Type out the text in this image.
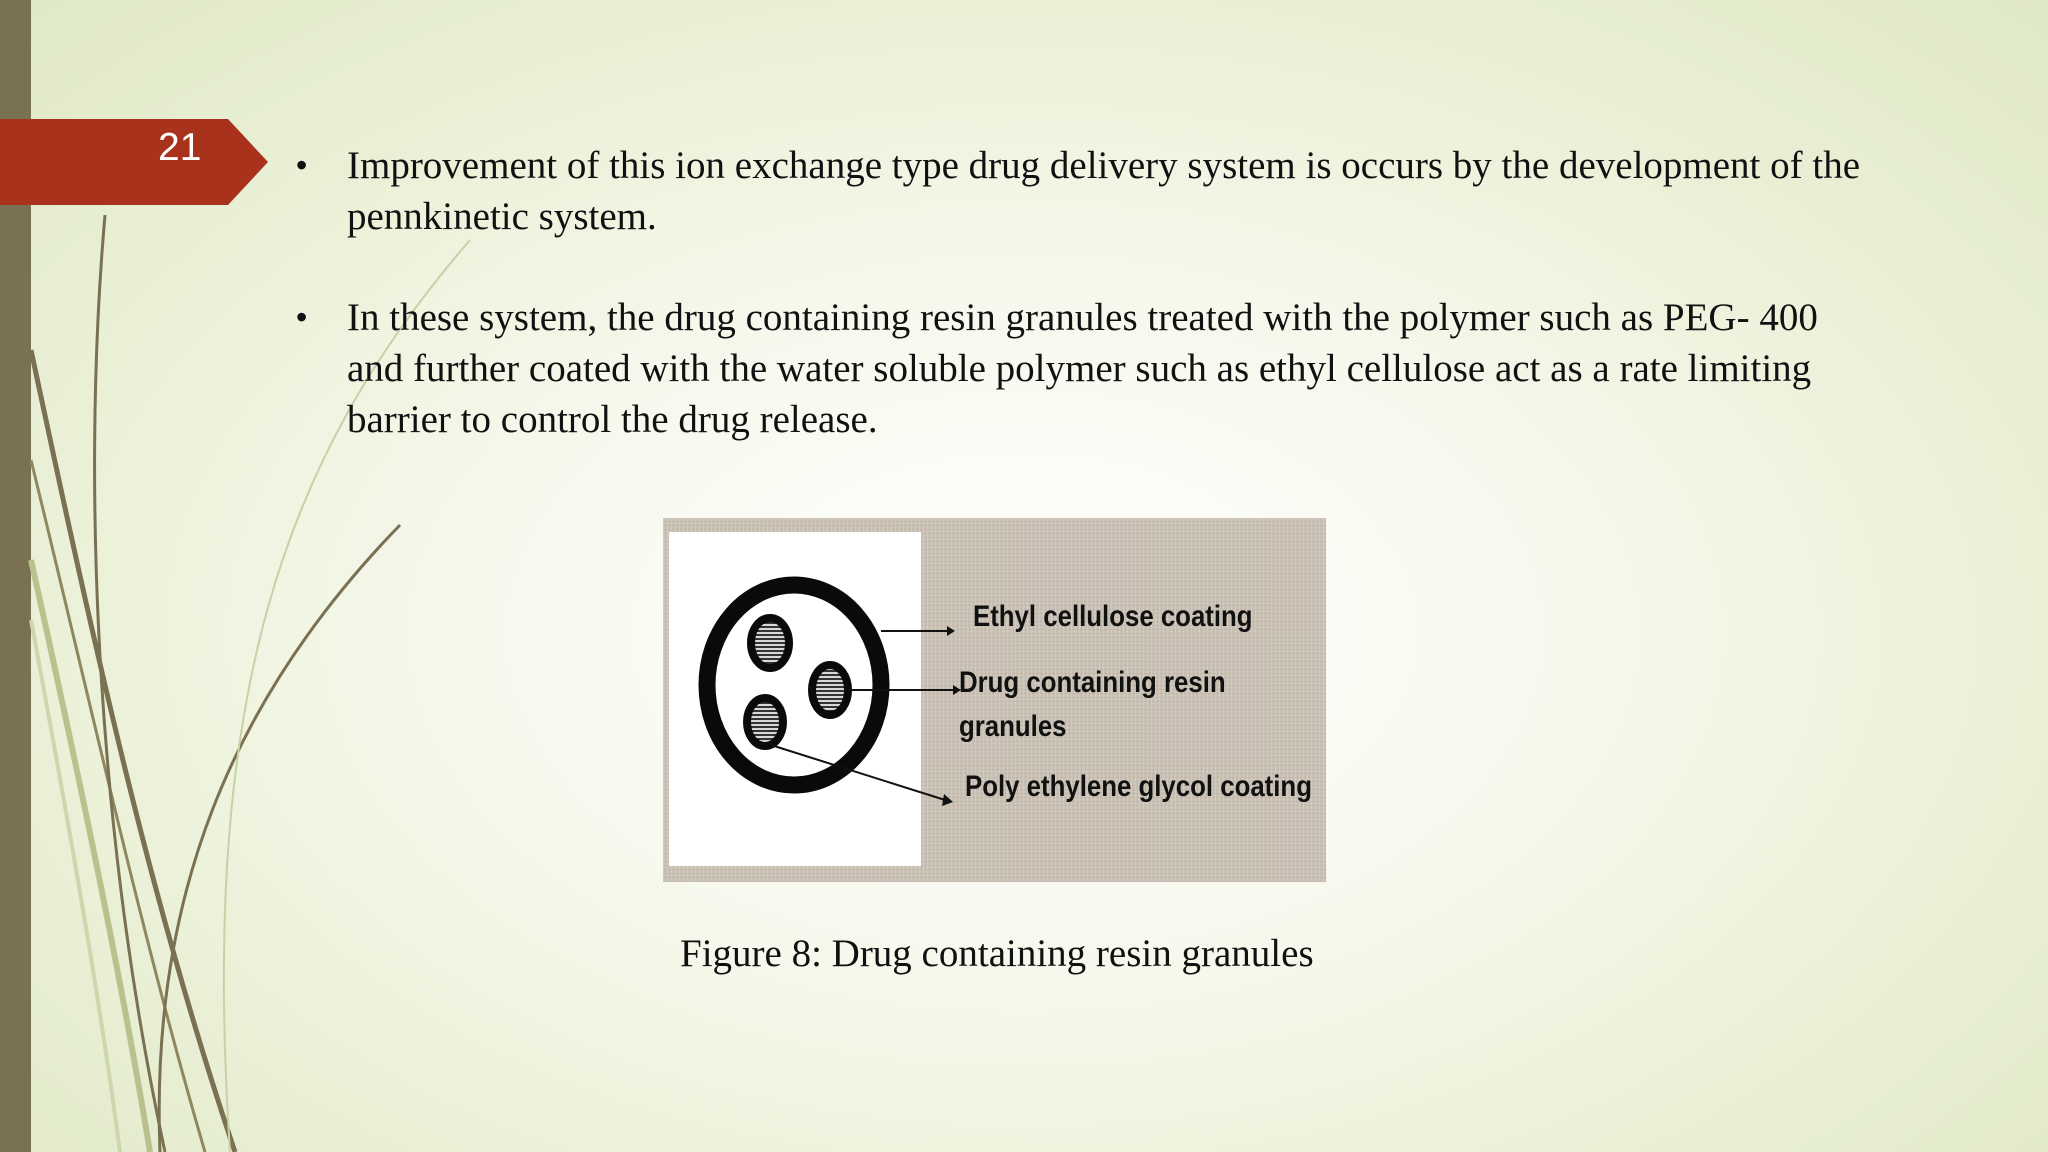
21	• Improvement of this ion exchange type drug delivery system is occurs by the development of the pennkinetic system.
• In these system, the drug containing resin granules treated with the polymer such as PEG- 400 and further coated with the water soluble polymer such as ethyl cellulose act as a rate limiting barrier to control the drug release.
Ethyl cellulose coating
Drug containing resin
granules
Poly ethylene glycol coating
Figure 8: Drug containing resin granules
